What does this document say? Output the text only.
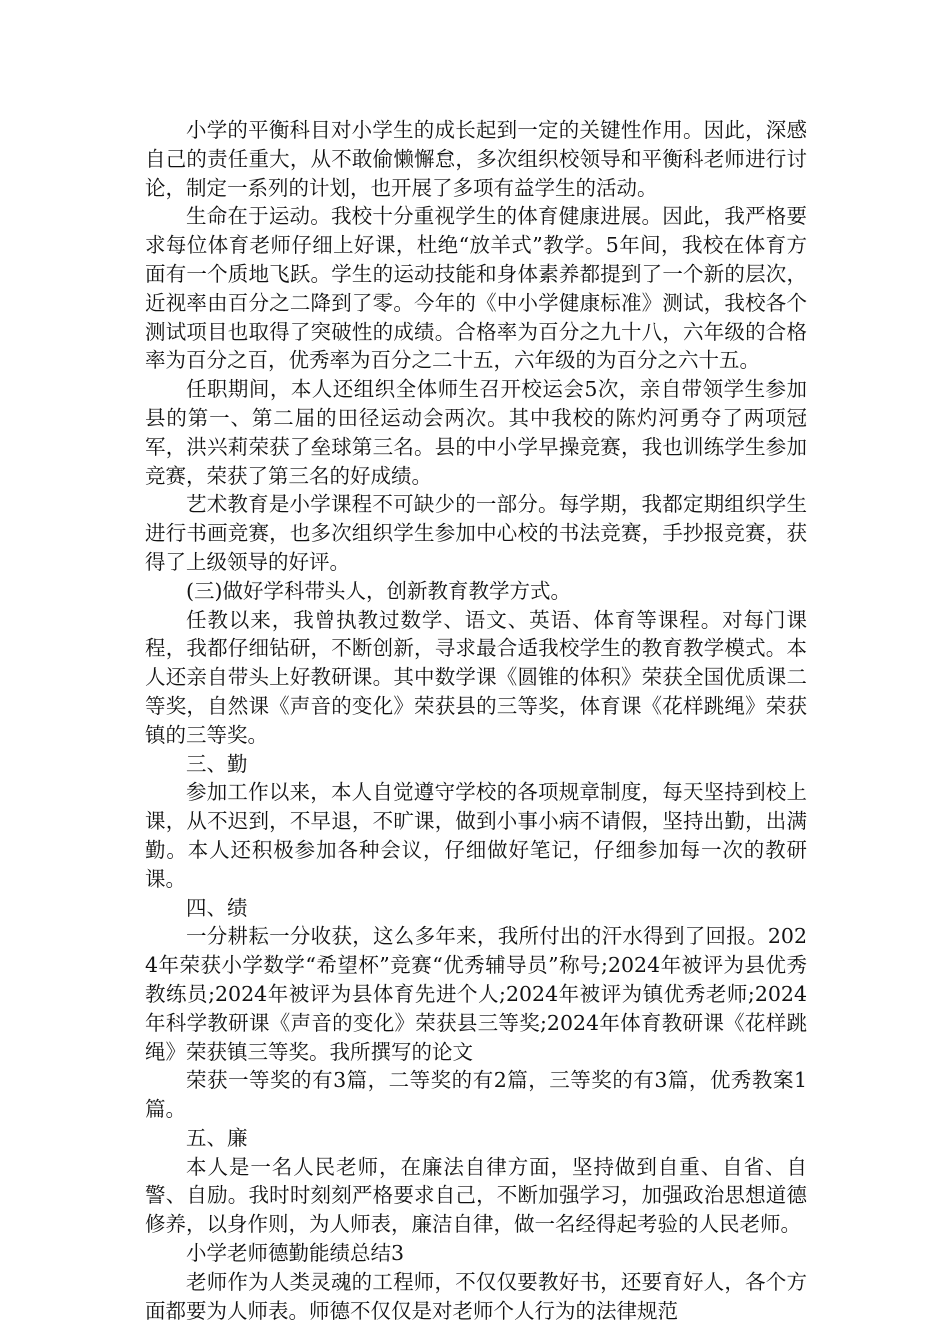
小学的平衡科目对小学生的成长起到一定的关键性作用。因此，深感自己的责任重大，从不敢偷懒懈怠，多次组织校领导和平衡科老师进行讨论，制定一系列的计划，也开展了多项有益学生的活动。

生命在于运动。我校十分重视学生的体育健康进展。因此，我严格要求每位体育老师仔细上好课，杜绝“放羊式”教学。5年间，我校在体育方面有一个质地飞跃。学生的运动技能和身体素养都提到了一个新的层次，近视率由百分之二降到了零。今年的《中小学健康标准》测试，我校各个测试项目也取得了突破性的成绩。合格率为百分之九十八，六年级的合格率为百分之百，优秀率为百分之二十五，六年级的为百分之六十五。

任职期间，本人还组织全体师生召开校运会5次，亲自带领学生参加县的第一、第二届的田径运动会两次。其中我校的陈灼河勇夺了两项冠军，洪兴莉荣获了垒球第三名。县的中小学早操竞赛，我也训练学生参加竞赛，荣获了第三名的好成绩。

艺术教育是小学课程不可缺少的一部分。每学期，我都定期组织学生进行书画竞赛，也多次组织学生参加中心校的书法竞赛，手抄报竞赛，获得了上级领导的好评。

(三)做好学科带头人，创新教育教学方式。

任教以来，我曾执教过数学、语文、英语、体育等课程。对每门课程，我都仔细钻研，不断创新，寻求最合适我校学生的教育教学模式。本人还亲自带头上好教研课。其中数学课《圆锥的体积》荣获全国优质课二等奖，自然课《声音的变化》荣获县的三等奖，体育课《花样跳绳》荣获镇的三等奖。

三、勤

参加工作以来，本人自觉遵守学校的各项规章制度，每天坚持到校上课，从不迟到，不早退，不旷课，做到小事小病不请假，坚持出勤，出满勤。本人还积极参加各种会议，仔细做好笔记，仔细参加每一次的教研课。

四、绩

一分耕耘一分收获，这么多年来，我所付出的汗水得到了回报。2024年荣获小学数学“希望杯”竞赛“优秀辅导员”称号;2024年被评为县优秀教练员;2024年被评为县体育先进个人;2024年被评为镇优秀老师;2024年科学教研课《声音的变化》荣获县三等奖;2024年体育教研课《花样跳绳》荣获镇三等奖。我所撰写的论文

荣获一等奖的有3篇，二等奖的有2篇，三等奖的有3篇，优秀教案1篇。

五、廉

本人是一名人民老师，在廉法自律方面，坚持做到自重、自省、自警、自励。我时时刻刻严格要求自己，不断加强学习，加强政治思想道德修养，以身作则，为人师表，廉洁自律，做一名经得起考验的人民老师。

小学老师德勤能绩总结3

老师作为人类灵魂的工程师，不仅仅要教好书，还要育好人，各个方面都要为人师表。师德不仅仅是对老师个人行为的法律规范
